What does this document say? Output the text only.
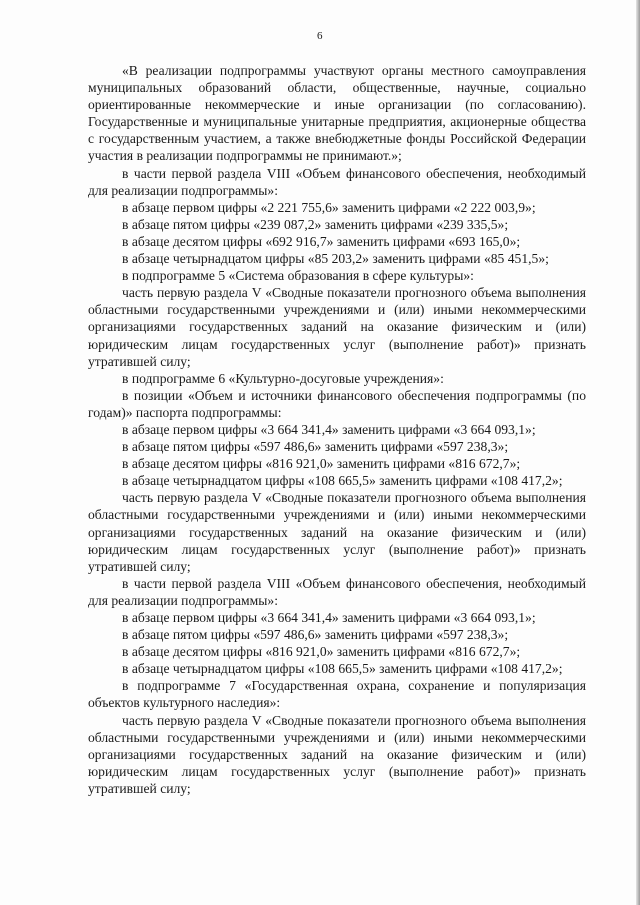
6

«В реализации подпрограммы участвуют органы местного самоуправления муниципальных образований области, общественные, научные, социально ориентированные некоммерческие и иные организации (по согласованию). Государственные и муниципальные унитарные предприятия, акционерные общества с государственным участием, а также внебюджетные фонды Российской Федерации участия в реализации подпрограммы не принимают.»;

в части первой раздела VIII «Объем финансового обеспечения, необходимый для реализации подпрограммы»:

в абзаце первом цифры «2 221 755,6» заменить цифрами «2 222 003,9»;

в абзаце пятом цифры «239 087,2» заменить цифрами «239 335,5»;

в абзаце десятом цифры «692 916,7» заменить цифрами «693 165,0»;

в абзаце четырнадцатом цифры «85 203,2» заменить цифрами «85 451,5»;

в подпрограмме 5 «Система образования в сфере культуры»:

часть первую раздела V «Сводные показатели прогнозного объема выполнения областными государственными учреждениями и (или) иными некоммерческими организациями государственных заданий на оказание физическим и (или) юридическим лицам государственных услуг (выполнение работ)» признать утратившей силу;

в подпрограмме 6 «Культурно-досуговые учреждения»:

в позиции «Объем и источники финансового обеспечения подпрограммы (по годам)» паспорта подпрограммы:

в абзаце первом цифры «3 664 341,4» заменить цифрами «3 664 093,1»;

в абзаце пятом цифры «597 486,6» заменить цифрами «597 238,3»;

в абзаце десятом цифры «816 921,0» заменить цифрами «816 672,7»;

в абзаце четырнадцатом цифры «108 665,5» заменить цифрами «108 417,2»;

часть первую раздела V «Сводные показатели прогнозного объема выполнения областными государственными учреждениями и (или) иными некоммерческими организациями государственных заданий на оказание физическим и (или) юридическим лицам государственных услуг (выполнение работ)» признать утратившей силу;

в части первой раздела VIII «Объем финансового обеспечения, необходимый для реализации подпрограммы»:

в абзаце первом цифры «3 664 341,4» заменить цифрами «3 664 093,1»;

в абзаце пятом цифры «597 486,6» заменить цифрами «597 238,3»;

в абзаце десятом цифры «816 921,0» заменить цифрами «816 672,7»;

в абзаце четырнадцатом цифры «108 665,5» заменить цифрами «108 417,2»;

в подпрограмме 7 «Государственная охрана, сохранение и популяризация объектов культурного наследия»:

часть первую раздела V «Сводные показатели прогнозного объема выполнения областными государственными учреждениями и (или) иными некоммерческими организациями государственных заданий на оказание физическим и (или) юридическим лицам государственных услуг (выполнение работ)» признать утратившей силу;
